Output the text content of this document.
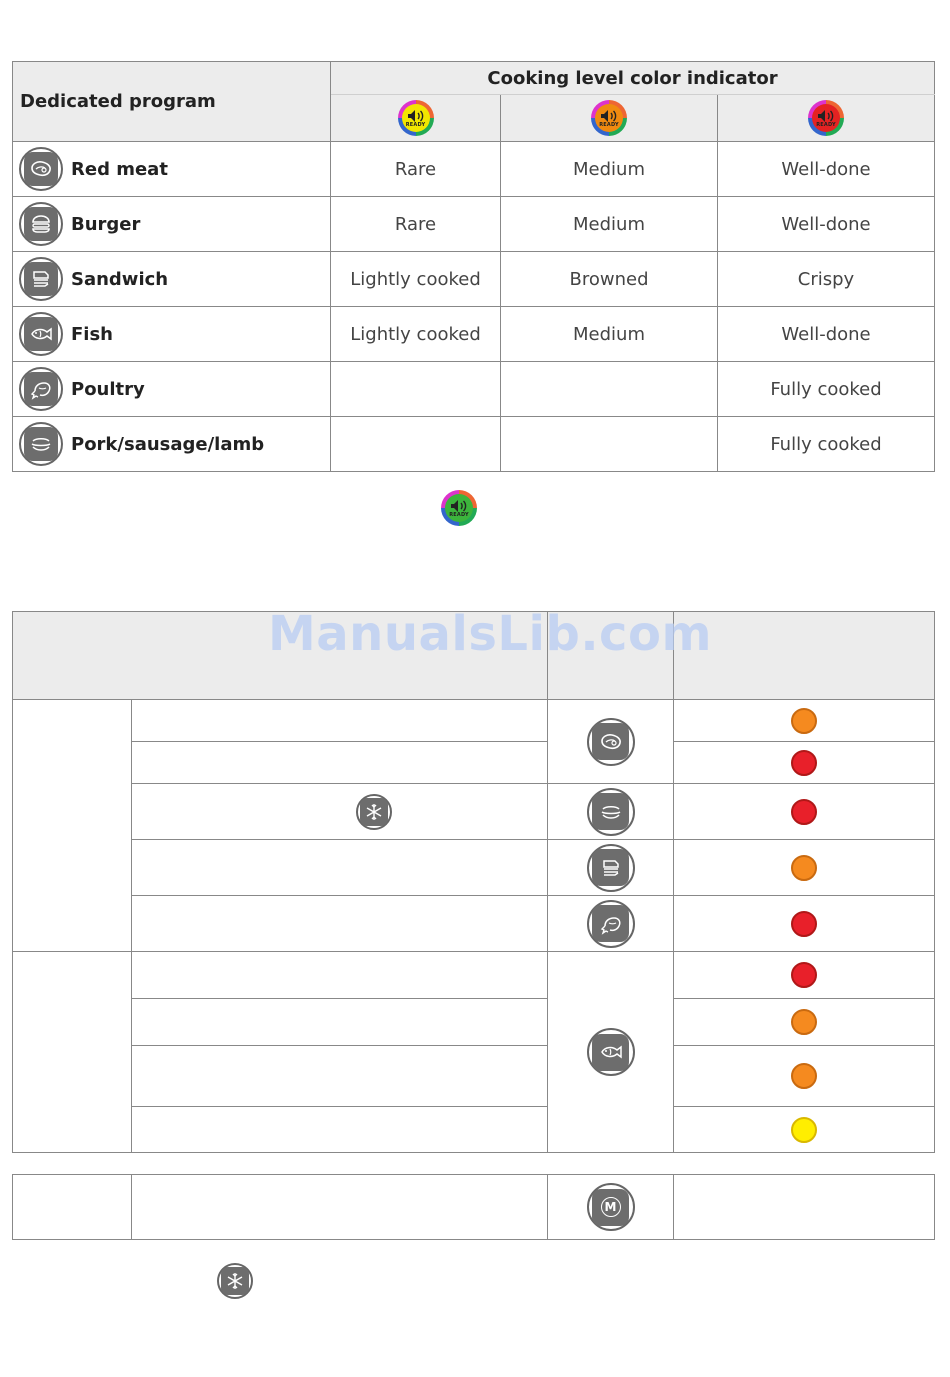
Dedicated program	Cooking level color indicator		

	READY	READY	READY

Red meat	Rare	Medium	Well-done

Burger	Rare	Medium	Well-done

Sandwich	Lightly cooked	Browned	Crispy

Fish	Lightly cooked	Medium	Well-done

Poultry			Fully cooked

Pork/sausage/lamb			Fully cooked
READY

ManualsLib.com

M
